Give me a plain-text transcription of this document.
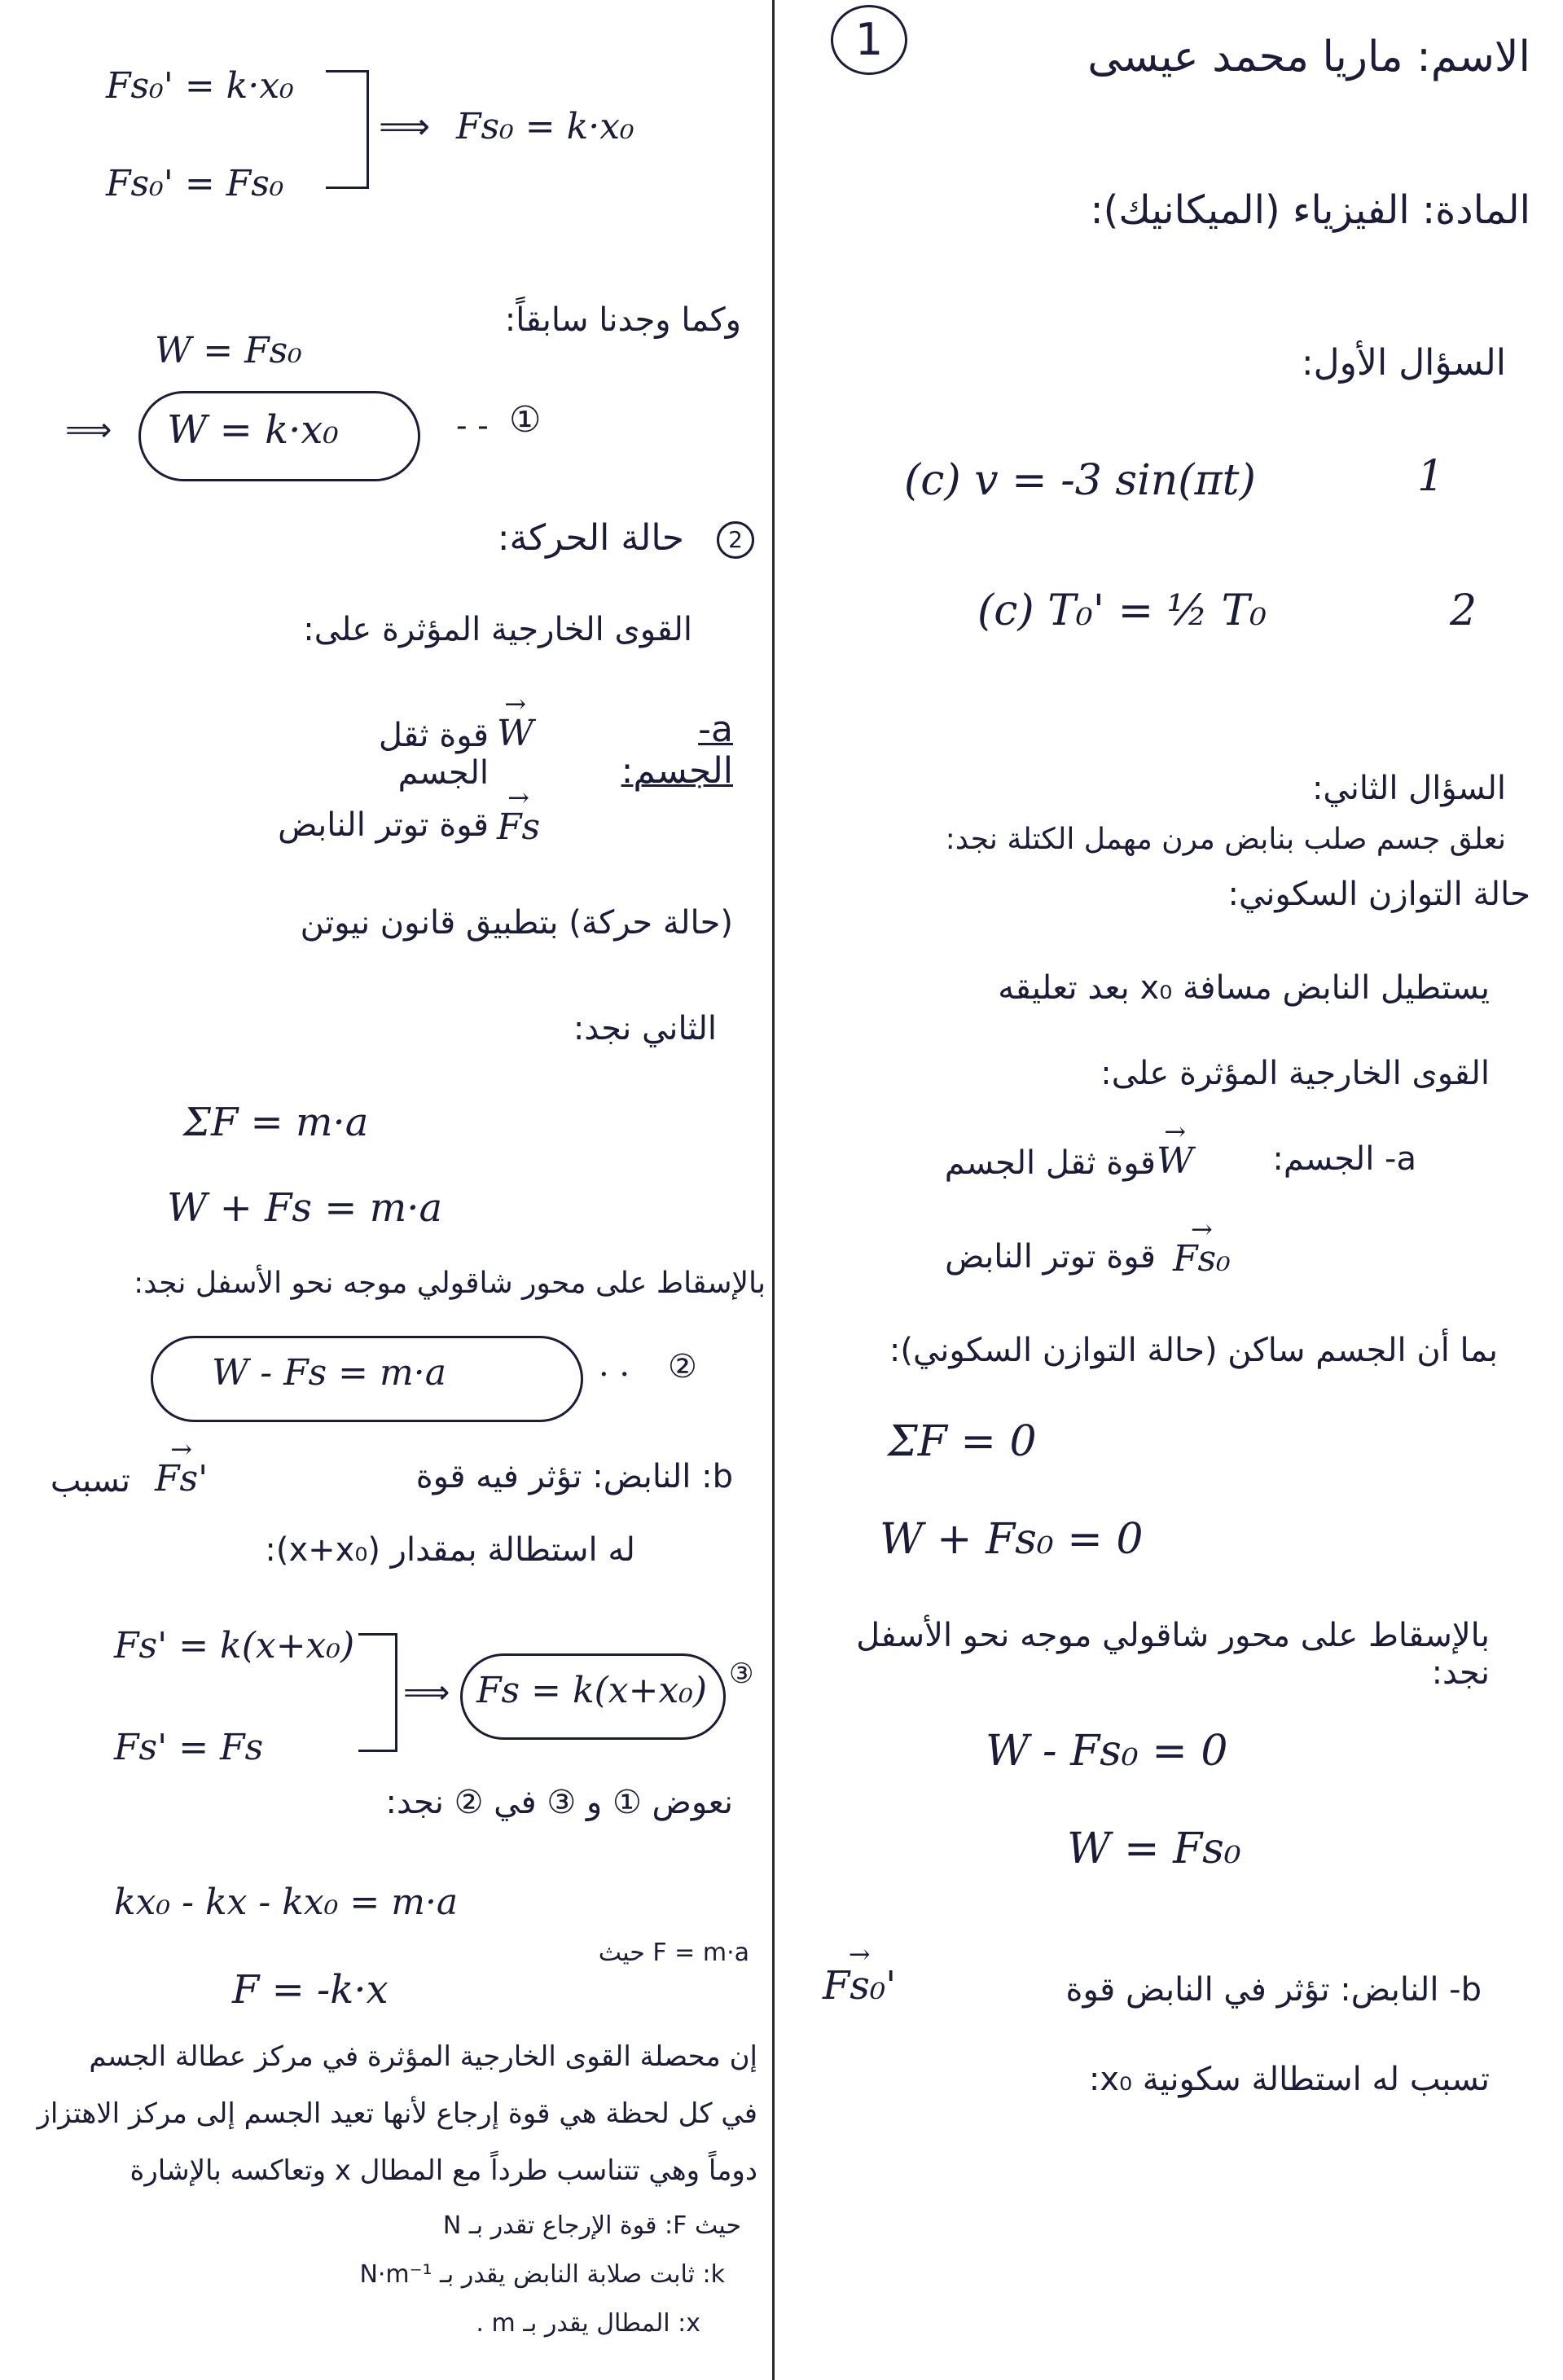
1	الاسم: ماريا محمد عيسى
المادة: الفيزياء (الميكانيك):
السؤال الأول:
(c) v = -3 sin(πt)	1
(c) T₀' = ½ T₀	2
السؤال الثاني:
نعلق جسم صلب بنابض مرن مهمل الكتلة نجد:
حالة التوازن السكوني:
يستطيل النابض مسافة x₀ بعد تعليقه
القوى الخارجية المؤثرة على:
a- الجسم:
→ W
قوة ثقل الجسم
→ Fs₀
قوة توتر النابض
بما أن الجسم ساكن (حالة التوازن السكوني):
ΣF = 0
W + Fs₀ = 0
بالإسقاط على محور شاقولي موجه نحو الأسفل نجد:
W - Fs₀ = 0
W = Fs₀
b- النابض: تؤثر في النابض قوة
→ Fs₀'
تسبب له استطالة سكونية x₀:
Fs₀' = k·x₀
Fs₀' = Fs₀
⟹ Fs₀ = k·x₀
وكما وجدنا سابقاً:
W = Fs₀
⟹ W = k·x₀	- - ①
حالة الحركة:	2
القوى الخارجية المؤثرة على:
a- الجسم:
→ W
قوة ثقل الجسم
→ Fs
قوة توتر النابض
(حالة حركة) بتطبيق قانون نيوتن
الثاني نجد:
ΣF = m·a
W + Fs = m·a
بالإسقاط على محور شاقولي موجه نحو الأسفل نجد:
W - Fs = m·a	· · ②
b: النابض: تؤثر فيه قوة
→ Fs'
تسبب
له استطالة بمقدار (x+x₀):
Fs' = k(x+x₀)
Fs' = Fs
⟹ Fs = k(x+x₀) ③
نعوض ① و ③ في ② نجد:
kx₀ - kx - kx₀ = m·a
F = m·a حيث
F = -k·x
إن محصلة القوى الخارجية المؤثرة في مركز عطالة الجسم
في كل لحظة هي قوة إرجاع لأنها تعيد الجسم إلى مركز الاهتزاز
دوماً وهي تتناسب طرداً مع المطال x وتعاكسه بالإشارة
حيث F: قوة الإرجاع تقدر بـ N
k: ثابت صلابة النابض يقدر بـ N·m⁻¹
x: المطال يقدر بـ m .
